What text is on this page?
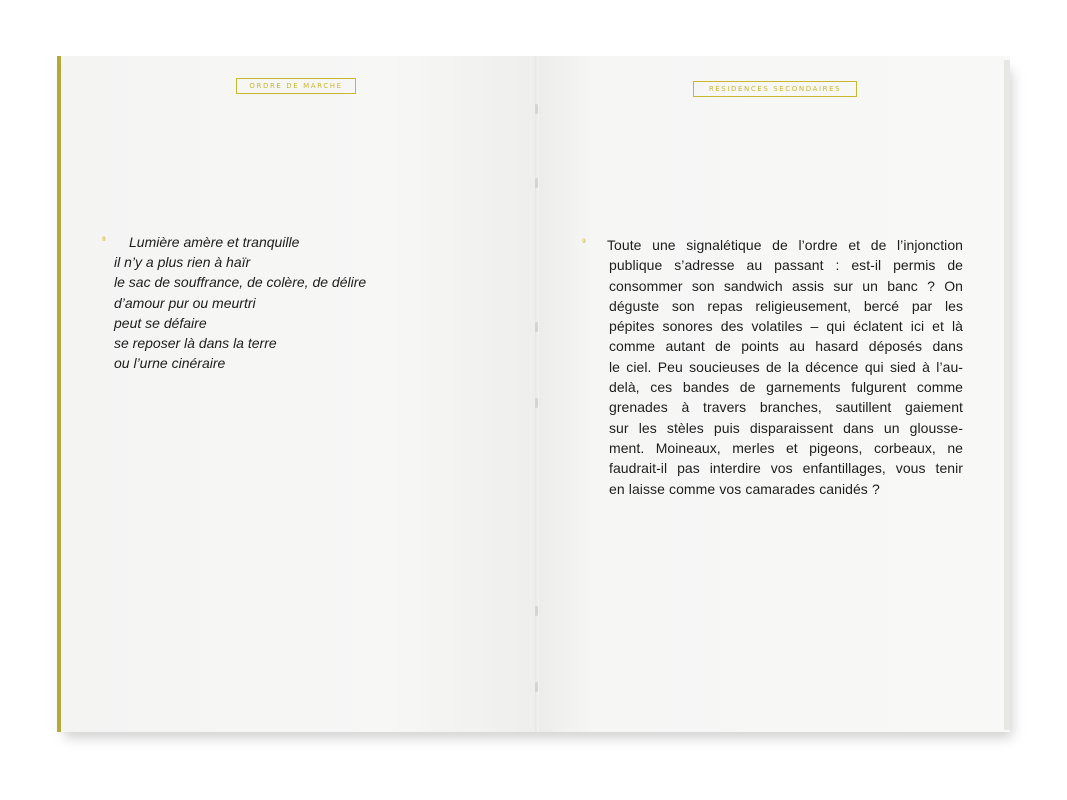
ORDRE DE MARCHE	RÉSIDENCES SECONDAIRES
8	9
Lumière amère et tranquille
il n’y a plus rien à haïr
le sac de souffrance, de colère, de délire
d’amour pur ou meurtri
peut se défaire
se reposer là dans la terre
ou l’urne cinéraire
Toute une signalétique de l’ordre et de l’injonction
publique s’adresse au passant : est-il permis de
consommer son sandwich assis sur un banc ? On
déguste son repas religieusement, bercé par les
pépites sonores des volatiles – qui éclatent ici et là
comme autant de points au hasard déposés dans
le ciel. Peu soucieuses de la décence qui sied à l’au-
delà, ces bandes de garnements fulgurent comme
grenades à travers branches, sautillent gaiement
sur les stèles puis disparaissent dans un glousse-
ment. Moineaux, merles et pigeons, corbeaux, ne
faudrait-il pas interdire vos enfantillages, vous tenir
en laisse comme vos camarades canidés ?
